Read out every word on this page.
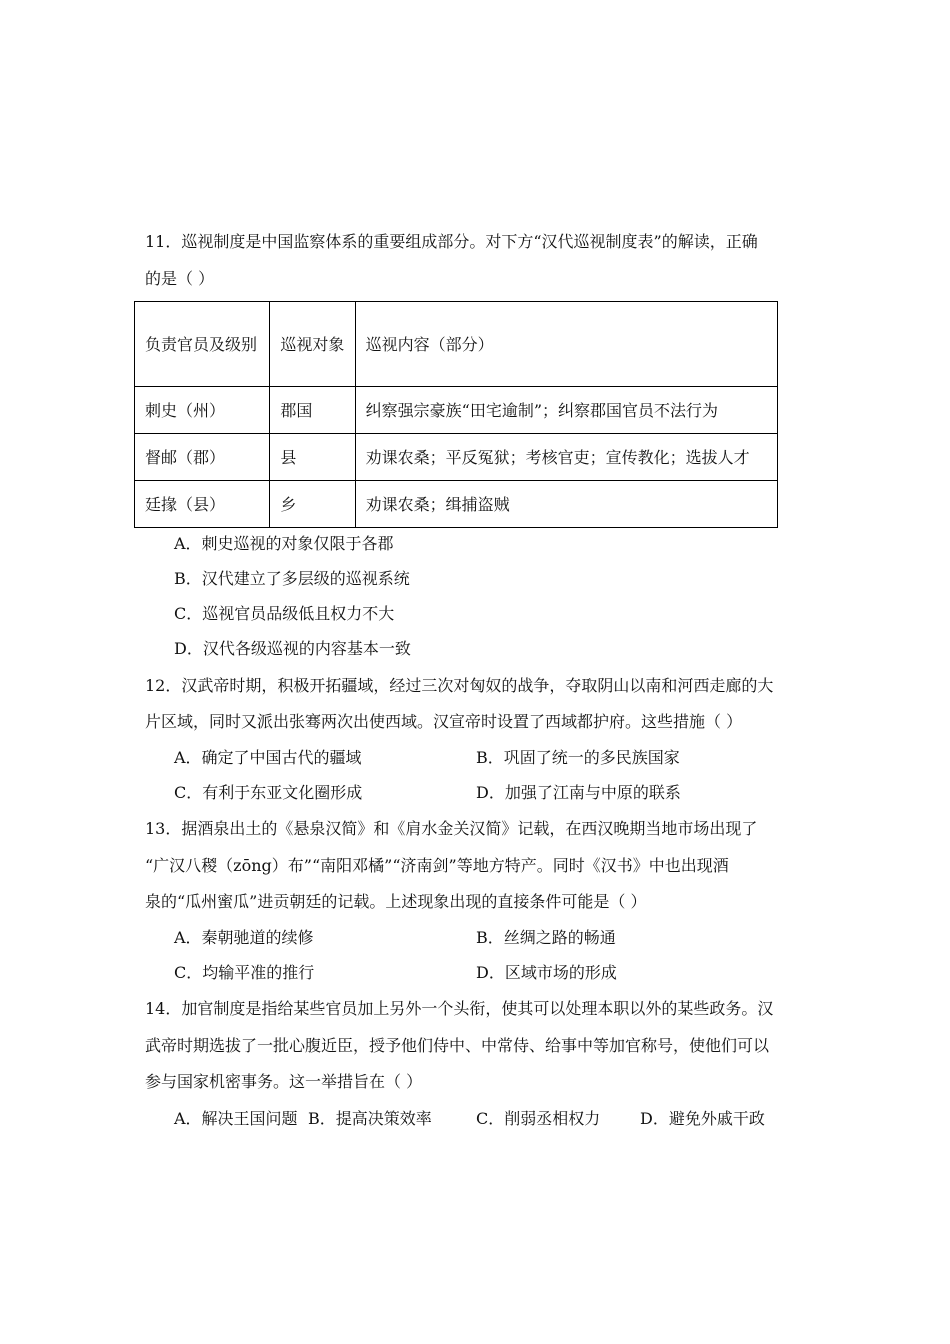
11．巡视制度是中国监察体系的重要组成部分。对下方“汉代巡视制度表”的解读，正确
的是（ ）
负责官员及级别	巡视对象	巡视内容（部分）
刺史（州）	郡国	纠察强宗豪族“田宅逾制”；纠察郡国官员不法行为
督邮（郡）	县	劝课农桑；平反冤狱；考核官吏；宣传教化；选拔人才
廷掾（县）	乡	劝课农桑；缉捕盗贼
A．刺史巡视的对象仅限于各郡
B．汉代建立了多层级的巡视系统
C．巡视官员品级低且权力不大
D．汉代各级巡视的内容基本一致
12．汉武帝时期，积极开拓疆域，经过三次对匈奴的战争，夺取阴山以南和河西走廊的大
片区域，同时又派出张骞两次出使西域。汉宣帝时设置了西域都护府。这些措施（ ）
A．确定了中国古代的疆域	B．巩固了统一的多民族国家
C．有利于东亚文化圈形成	D．加强了江南与中原的联系
13．据酒泉出土的《悬泉汉简》和《肩水金关汉简》记载，在西汉晚期当地市场出现了
“广汉八稯（zōng）布”“南阳邓橘”“济南剑”等地方特产。同时《汉书》中也出现酒
泉的“瓜州蜜瓜”进贡朝廷的记载。上述现象出现的直接条件可能是（ ）
A．秦朝驰道的续修	B．丝绸之路的畅通
C．均输平准的推行	D．区域市场的形成
14．加官制度是指给某些官员加上另外一个头衔，使其可以处理本职以外的某些政务。汉
武帝时期选拔了一批心腹近臣，授予他们侍中、中常侍、给事中等加官称号，使他们可以
参与国家机密事务。这一举措旨在（ ）
A．解决王国问题 B．提高决策效率	C．削弱丞相权力 D．避免外戚干政
